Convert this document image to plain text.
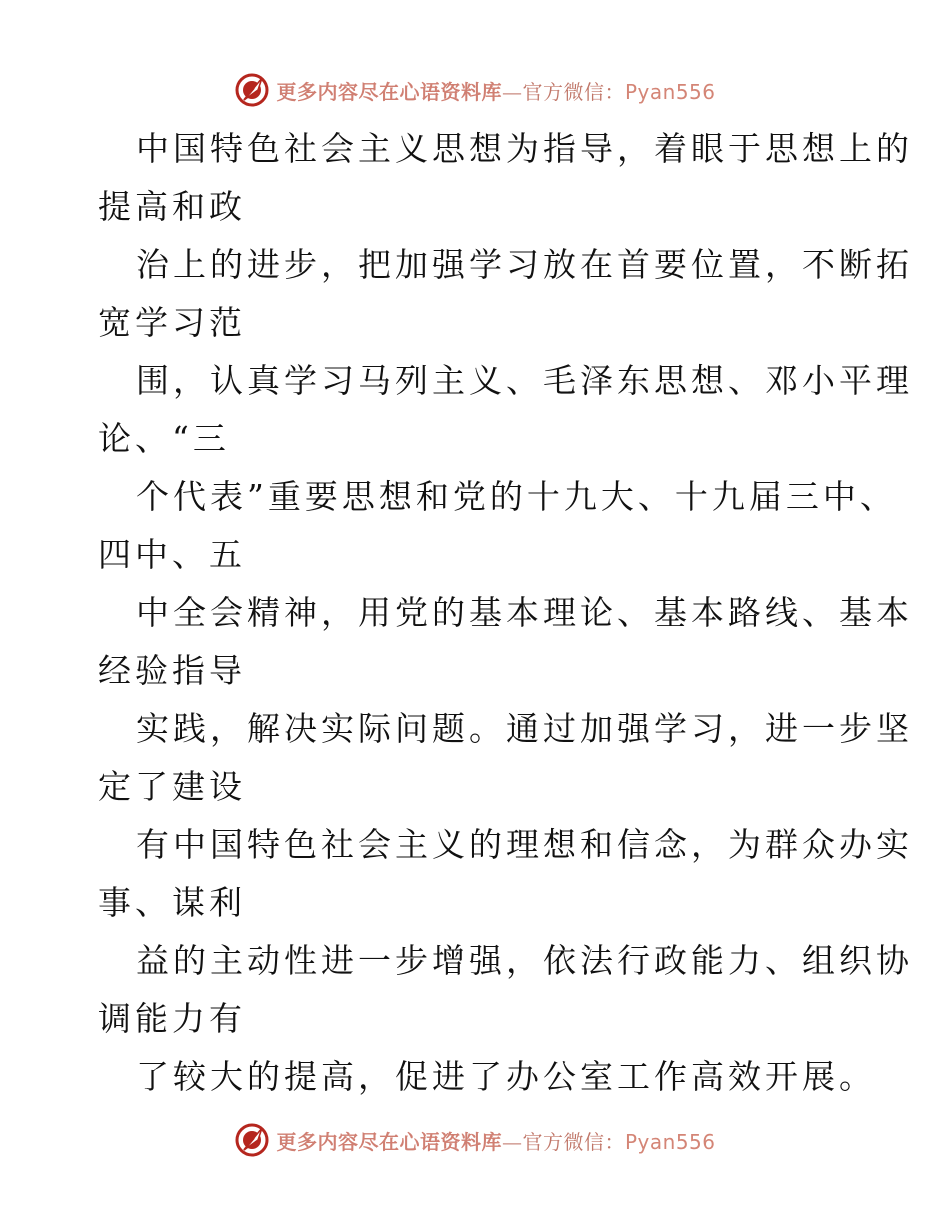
更多内容尽在心语资料库—官方微信：Pyan556
中国特色社会主义思想为指导，着眼于思想上的
提高和政
治上的进步，把加强学习放在首要位置，不断拓
宽学习范
围，认真学习马列主义、毛泽东思想、邓小平理
论、“三
个代表”重要思想和党的十九大、十九届三中、
四中、五
中全会精神，用党的基本理论、基本路线、基本
经验指导
实践，解决实际问题。通过加强学习，进一步坚
定了建设
有中国特色社会主义的理想和信念，为群众办实
事、谋利
益的主动性进一步增强，依法行政能力、组织协
调能力有
了较大的提高，促进了办公室工作高效开展。
更多内容尽在心语资料库—官方微信：Pyan556
